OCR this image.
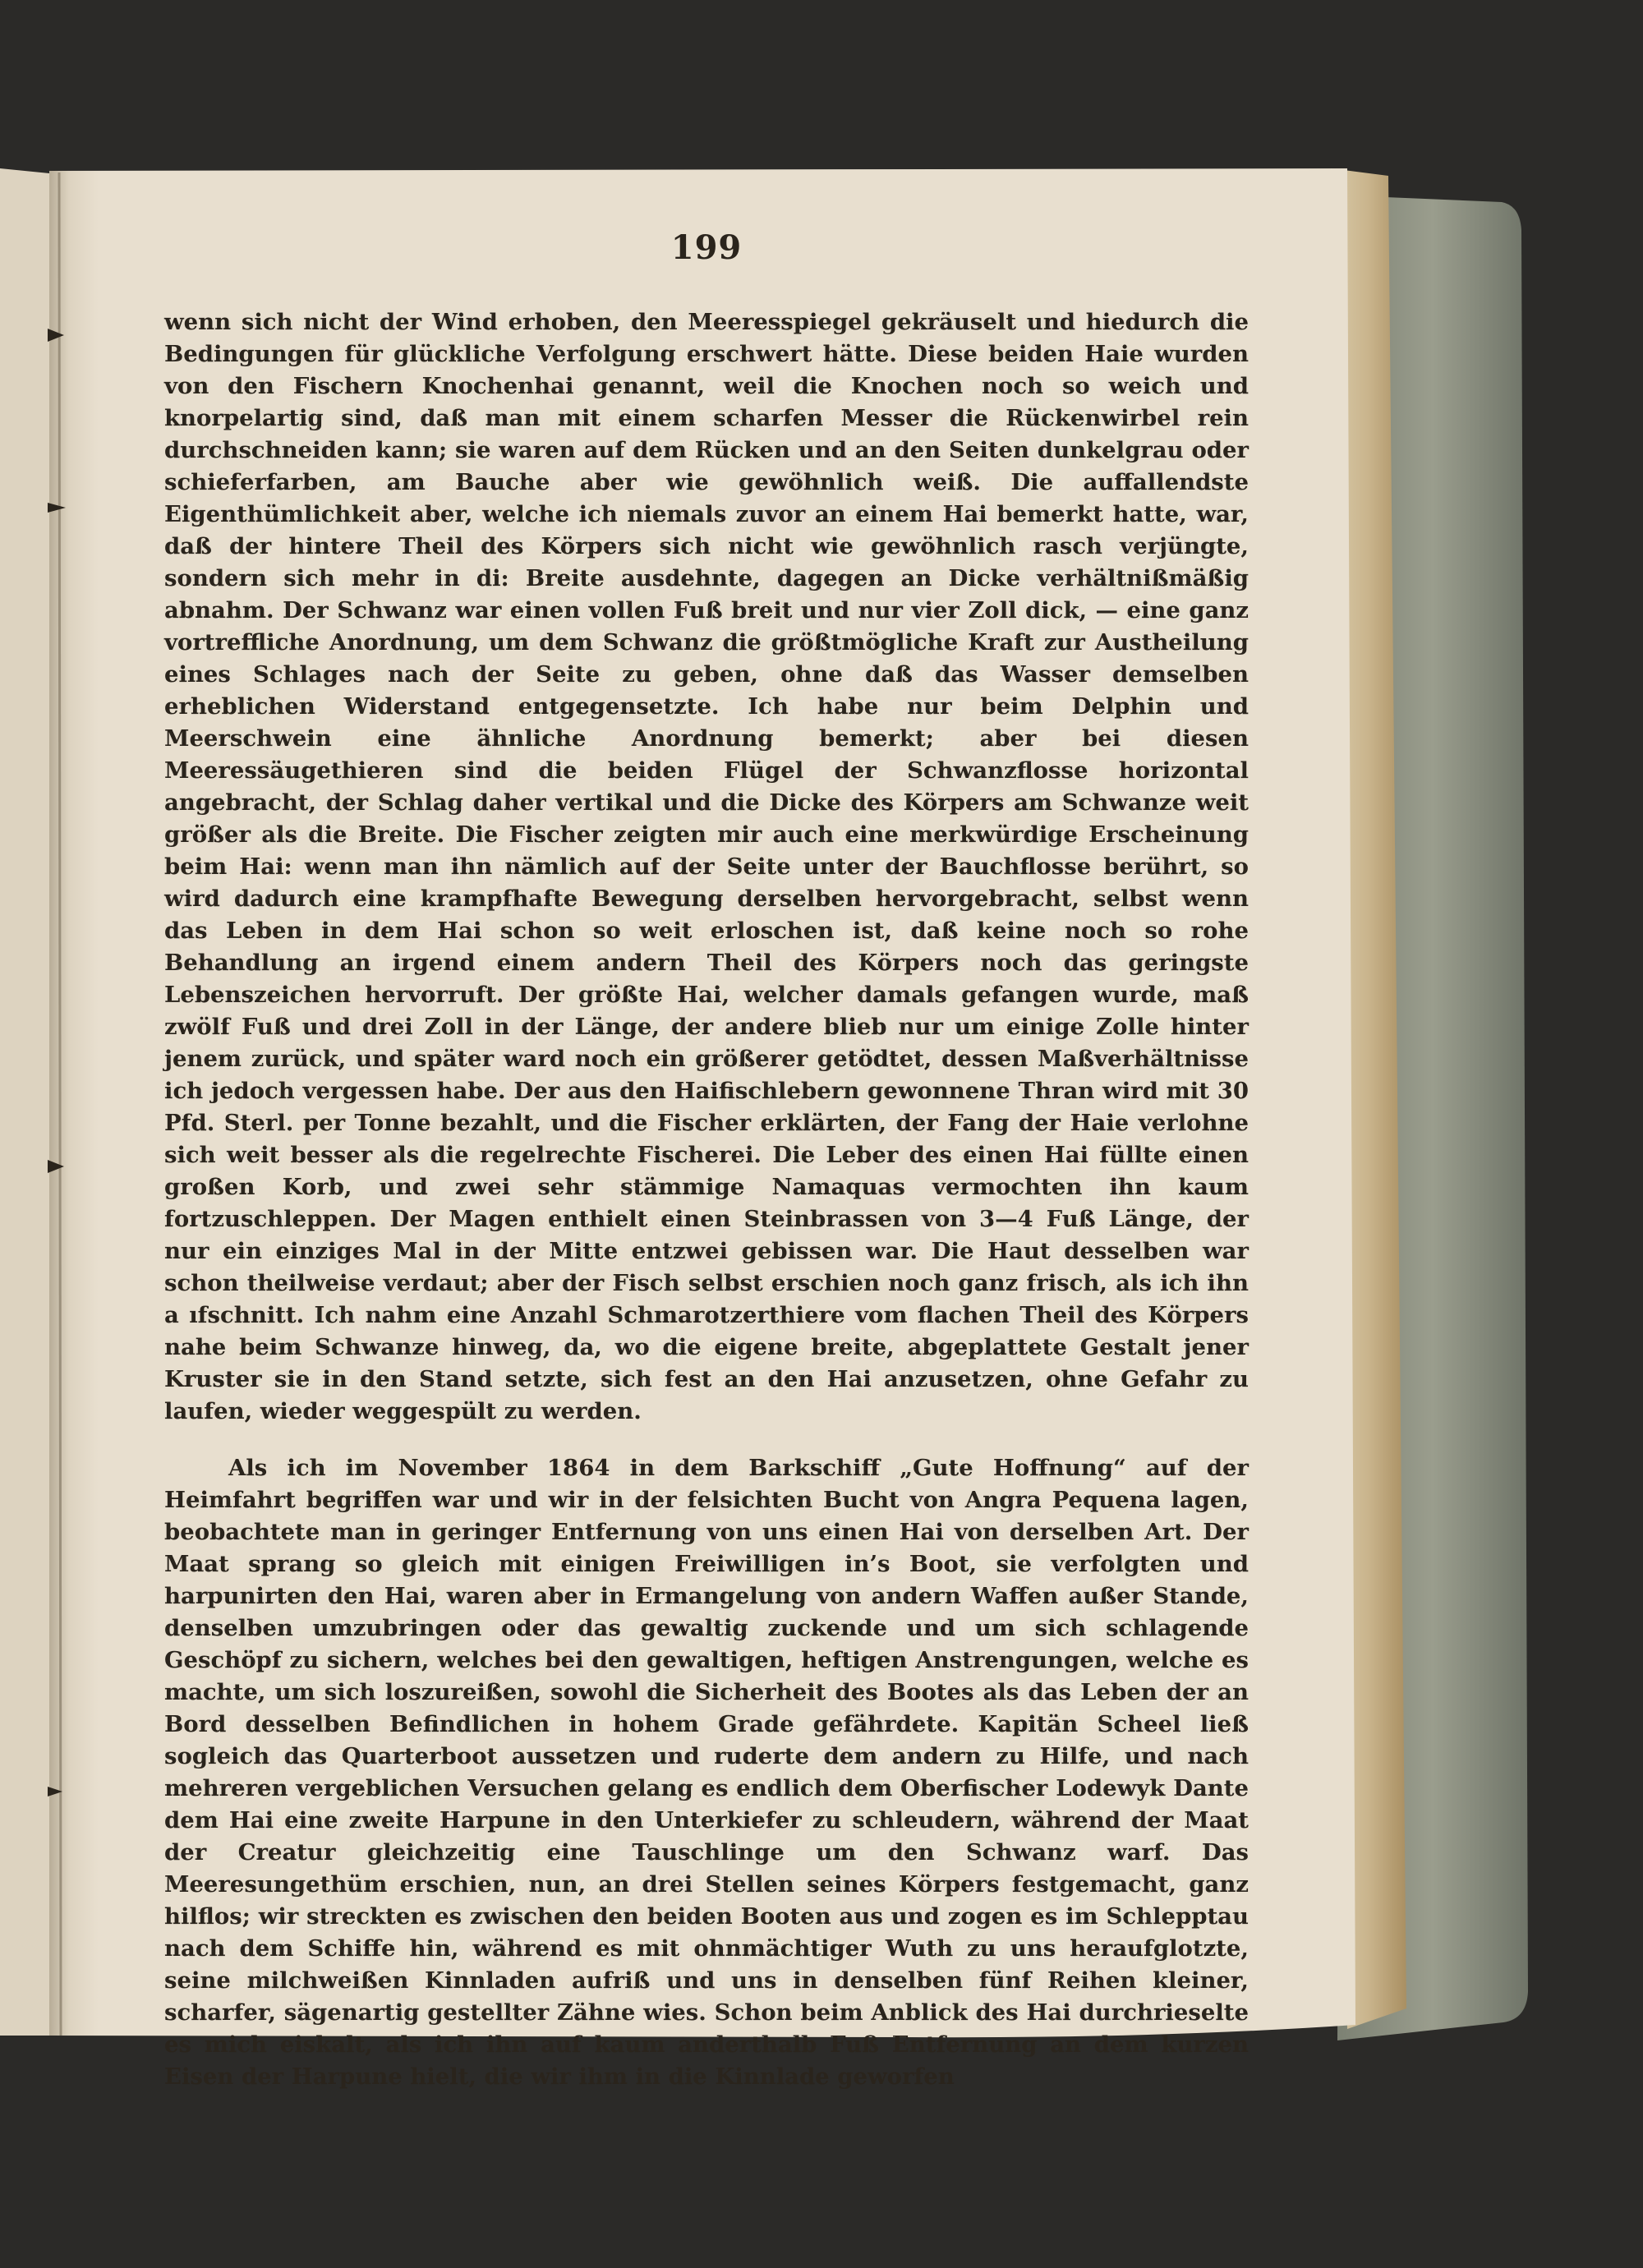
199

wenn sich nicht der Wind erhoben, den Meeresspiegel gekräuselt und hiedurch die Bedingungen für glückliche Verfolgung erschwert hätte. Diese beiden Haie wurden von den Fischern Knochenhai genannt, weil die Knochen noch so weich und knorpelartig sind, daß man mit einem scharfen Messer die Rückenwirbel rein durchschneiden kann; sie waren auf dem Rücken und an den Seiten dunkelgrau oder schieferfarben, am Bauche aber wie gewöhnlich weiß. Die auffallendste Eigenthümlichkeit aber, welche ich niemals zuvor an einem Hai bemerkt hatte, war, daß der hintere Theil des Körpers sich nicht wie gewöhnlich rasch verjüngte, sondern sich mehr in di: Breite ausdehnte, dagegen an Dicke verhältnißmäßig abnahm. Der Schwanz war einen vollen Fuß breit und nur vier Zoll dick, — eine ganz vortreffliche Anordnung, um dem Schwanz die größtmögliche Kraft zur Austheilung eines Schlages nach der Seite zu geben, ohne daß das Wasser demselben erheblichen Widerstand entgegensetzte. Ich habe nur beim Delphin und Meerschwein eine ähnliche Anordnung bemerkt; aber bei diesen Meeressäugethieren sind die beiden Flügel der Schwanzflosse horizontal angebracht, der Schlag daher vertikal und die Dicke des Körpers am Schwanze weit größer als die Breite. Die Fischer zeigten mir auch eine merkwürdige Erscheinung beim Hai: wenn man ihn nämlich auf der Seite unter der Bauchflosse berührt, so wird dadurch eine krampfhafte Bewegung derselben hervorgebracht, selbst wenn das Leben in dem Hai schon so weit erloschen ist, daß keine noch so rohe Behandlung an irgend einem andern Theil des Körpers noch das geringste Lebenszeichen hervorruft. Der größte Hai, welcher damals gefangen wurde, maß zwölf Fuß und drei Zoll in der Länge, der andere blieb nur um einige Zolle hinter jenem zurück, und später ward noch ein größerer getödtet, dessen Maßverhältnisse ich jedoch vergessen habe. Der aus den Haifischlebern gewonnene Thran wird mit 30 Pfd. Sterl. per Tonne bezahlt, und die Fischer erklärten, der Fang der Haie verlohne sich weit besser als die regelrechte Fischerei. Die Leber des einen Hai füllte einen großen Korb, und zwei sehr stämmige Namaquas vermochten ihn kaum fortzuschleppen. Der Magen enthielt einen Steinbrassen von 3—4 Fuß Länge, der nur ein einziges Mal in der Mitte entzwei gebissen war. Die Haut desselben war schon theilweise verdaut; aber der Fisch selbst erschien noch ganz frisch, als ich ihn a ıfschnitt. Ich nahm eine Anzahl Schmarotzerthiere vom flachen Theil des Körpers nahe beim Schwanze hinweg, da, wo die eigene breite, abgeplattete Gestalt jener Kruster sie in den Stand setzte, sich fest an den Hai anzusetzen, ohne Gefahr zu laufen, wieder weggespült zu werden.

Als ich im November 1864 in dem Barkschiff „Gute Hoffnung“ auf der Heimfahrt begriffen war und wir in der felsichten Bucht von Angra Pequena lagen, beobachtete man in geringer Entfernung von uns einen Hai von derselben Art. Der Maat sprang so gleich mit einigen Freiwilligen in’s Boot, sie verfolgten und harpunirten den Hai, waren aber in Ermangelung von andern Waffen außer Stande, denselben umzubringen oder das gewaltig zuckende und um sich schlagende Geschöpf zu sichern, welches bei den gewaltigen, heftigen Anstrengungen, welche es machte, um sich loszureißen, sowohl die Sicherheit des Bootes als das Leben der an Bord desselben Befindlichen in hohem Grade gefährdete. Kapitän Scheel ließ sogleich das Quarterboot aussetzen und ruderte dem andern zu Hilfe, und nach mehreren vergeblichen Versuchen gelang es endlich dem Oberfischer Lodewyk Dante dem Hai eine zweite Harpune in den Unterkiefer zu schleudern, während der Maat der Creatur gleichzeitig eine Tauschlinge um den Schwanz warf. Das Meeresungethüm erschien, nun, an drei Stellen seines Körpers festgemacht, ganz hilflos; wir streckten es zwischen den beiden Booten aus und zogen es im Schlepptau nach dem Schiffe hin, während es mit ohnmächtiger Wuth zu uns heraufglotzte, seine milchweißen Kinnladen aufriß und uns in denselben fünf Reihen kleiner, scharfer, sägenartig gestellter Zähne wies. Schon beim Anblick des Hai durchrieselte es mich eiskalt, als ich ihn auf kaum anderthalb Fuß Entfernung an dem kurzen Eisen der Harpune hielt, die wir ihm in die Kinnlade geworfen
